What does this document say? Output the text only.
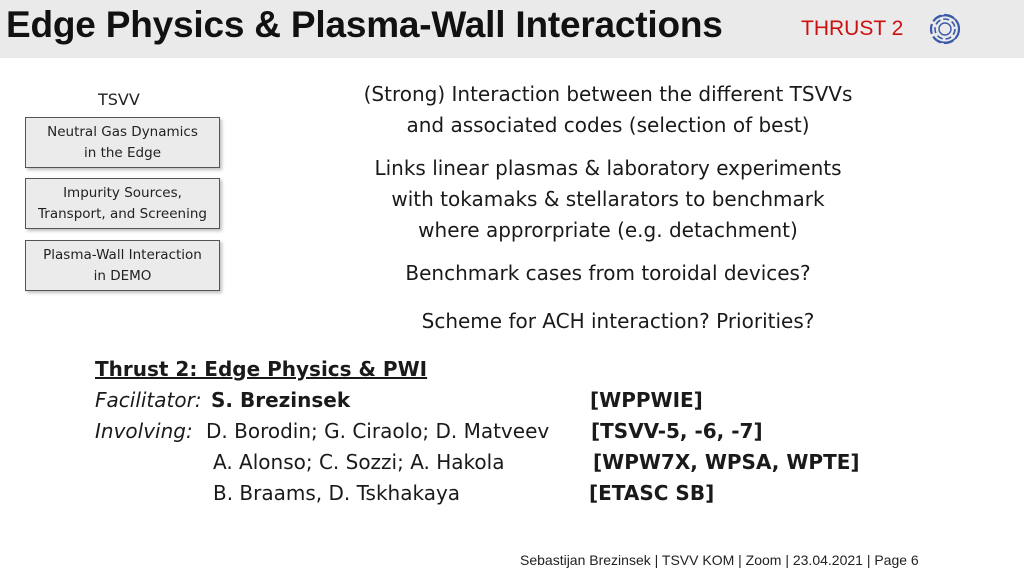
Edge Physics & Plasma-Wall Interactions	THRUST 2
TSVV
Neutral Gas Dynamics
in the Edge
Impurity Sources,
Transport, and Screening
Plasma-Wall Interaction
in DEMO
(Strong) Interaction between the different TSVVs
and associated codes (selection of best)
Links linear plasmas & laboratory experiments
with tokamaks & stellarators to benchmark
where approrpriate (e.g. detachment)
Benchmark cases from toroidal devices?
Scheme for ACH interaction? Priorities?
Thrust 2: Edge Physics & PWI
Facilitator: S. Brezinsek
Involving: D. Borodin; G. Ciraolo; D. Matveev
A. Alonso; C. Sozzi; A. Hakola
B. Braams, D. Tskhakaya
[WPPWIE]
[TSVV-5, -6, -7]
[WPW7X, WPSA, WPTE]
[ETASC SB]
Sebastijan Brezinsek | TSVV KOM | Zoom | 23.04.2021 | Page 6
